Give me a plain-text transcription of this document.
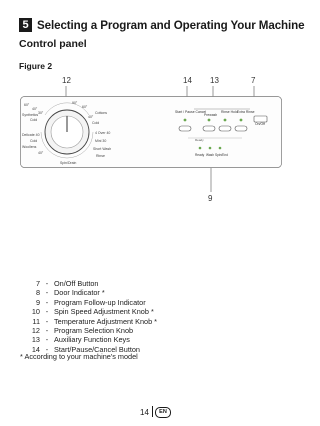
5 Selecting a Program and Operating Your Machine
Control panel
Figure 2
12	14 13	7
9
60°
40°
30°
Cold
Synthetics	Cottons
90°
60°
40°
Cold
Delicate 40
Woollens
Cold
40°
4 Over 40
Mini 30
Short Wash
Rinse
Spin/Drain
Start / Pause Cancel
Prewash
Rinse Hold Extra Rinse
On/Off
Ready
Ready Wash Spin/End
7 - On/Off Button
8 - Door Indicator *
9 - Program Follow-up Indicator
10 - Spin Speed Adjustment Knob *
11 - Temperature Adjustment Knob *
12 - Program Selection Knob
13 - Auxiliary Function Keys
14 - Start/Pause/Cancel Button
* According to your machine's model
14	EN
